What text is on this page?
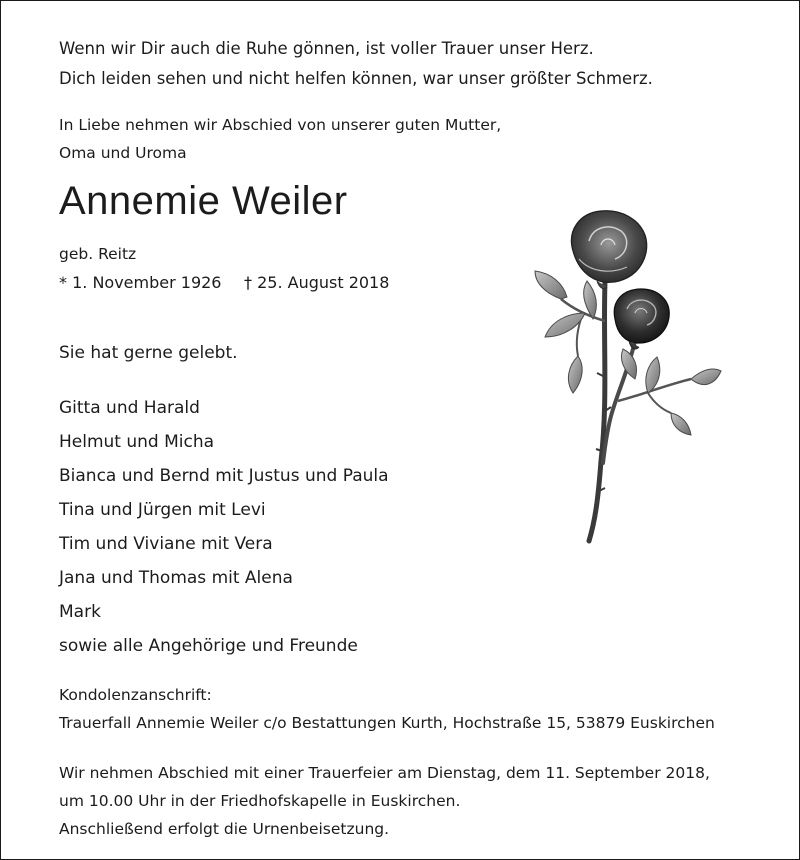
Wenn wir Dir auch die Ruhe gönnen, ist voller Trauer unser Herz.
Dich leiden sehen und nicht helfen können, war unser größter Schmerz.
In Liebe nehmen wir Abschied von unserer guten Mutter,
Oma und Uroma
Annemie Weiler
geb. Reitz
* 1. November 1926 † 25. August 2018
Sie hat gerne gelebt.
Gitta und Harald
Helmut und Micha
Bianca und Bernd mit Justus und Paula
Tina und Jürgen mit Levi
Tim und Viviane mit Vera
Jana und Thomas mit Alena
Mark
sowie alle Angehörige und Freunde
Kondolenzanschrift:
Trauerfall Annemie Weiler c/o Bestattungen Kurth, Hochstraße 15, 53879 Euskirchen
Wir nehmen Abschied mit einer Trauerfeier am Dienstag, dem 11. September 2018,
um 10.00 Uhr in der Friedhofskapelle in Euskirchen.
Anschließend erfolgt die Urnenbeisetzung.
